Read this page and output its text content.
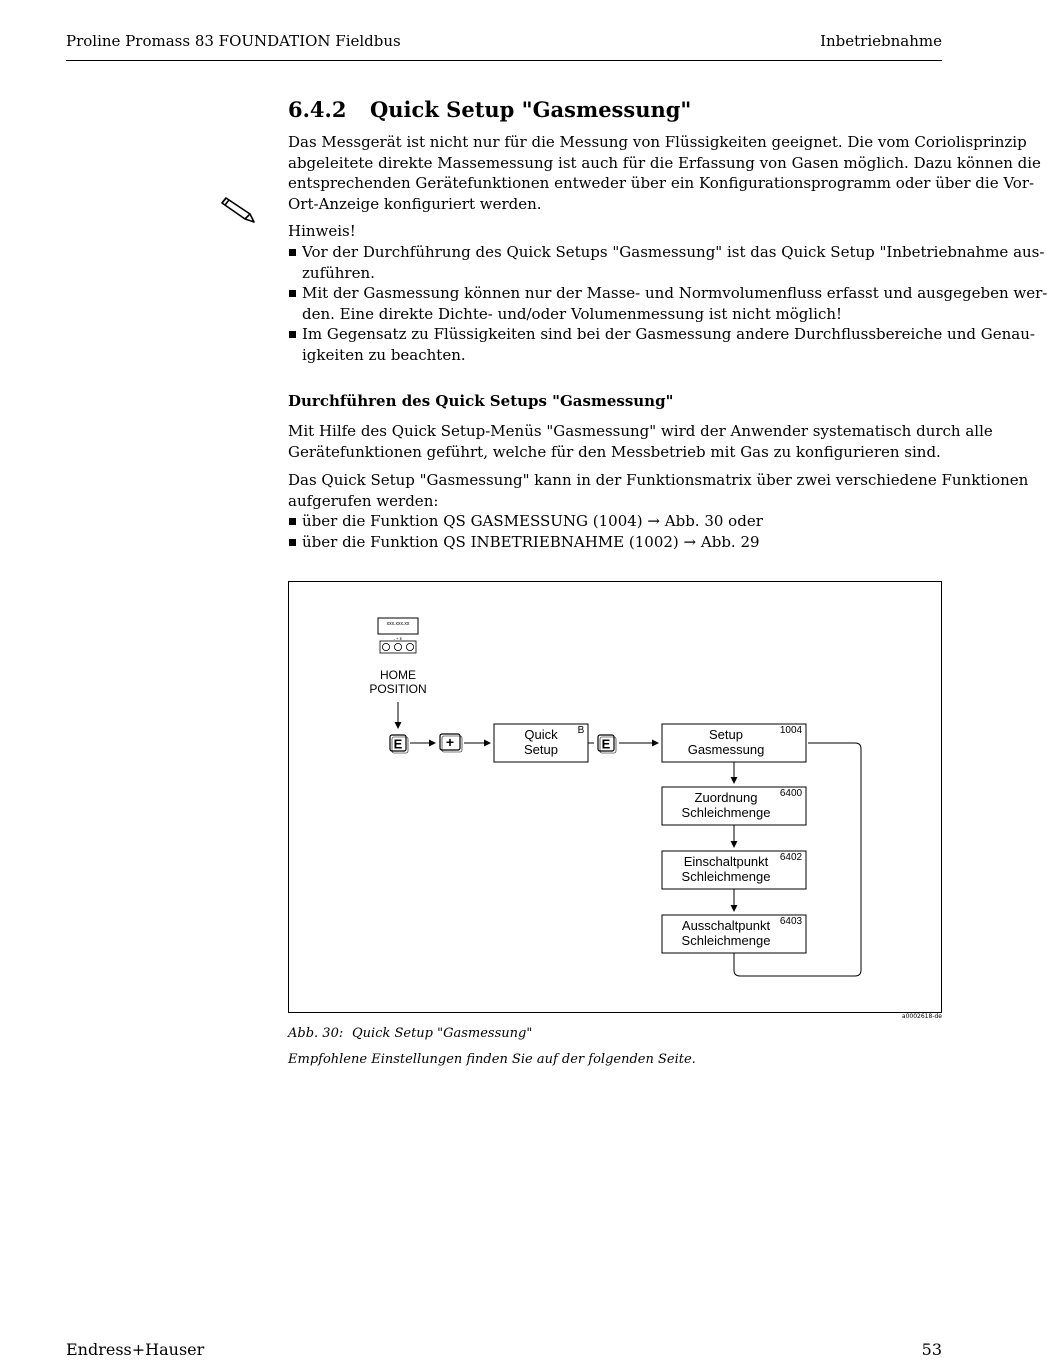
Proline Promass 83 FOUNDATION Fieldbus	Inbetriebnahme
6.4.2 Quick Setup "Gasmessung"
Das Messgerät ist nicht nur für die Messung von Flüssigkeiten geeignet. Die vom Coriolisprinzip
abgeleitete direkte Massemessung ist auch für die Erfassung von Gasen möglich. Dazu können die
entsprechenden Gerätefunktionen entweder über ein Konfigurationsprogramm oder über die Vor-
Ort-Anzeige konfiguriert werden.
Hinweis!
Vor der Durchführung des Quick Setups "Gasmessung" ist das Quick Setup "Inbetriebnahme aus-
zuführen.
Mit der Gasmessung können nur der Masse- und Normvolumenfluss erfasst und ausgegeben wer-
den. Eine direkte Dichte- und/oder Volumenmessung ist nicht möglich!
Im Gegensatz zu Flüssigkeiten sind bei der Gasmessung andere Durchflussbereiche und Genau-
igkeiten zu beachten.
Durchführen des Quick Setups "Gasmessung"
Mit Hilfe des Quick Setup-Menüs "Gasmessung" wird der Anwender systematisch durch alle
Gerätefunktionen geführt, welche für den Messbetrieb mit Gas zu konfigurieren sind.
Das Quick Setup "Gasmessung" kann in der Funktionsmatrix über zwei verschiedene Funktionen
aufgerufen werden:
über die Funktion QS GASMESSUNG (1004) → Abb. 30 oder
über die Funktion QS INBETRIEBNAHME (1002) → Abb. 29
xxx.xxx.xx
- + E
HOME
POSITION
E	+	Quick
Setup
B
E
Setup
Gasmessung
1004
Zuordnung
Schleichmenge
6400
Einschaltpunkt
Schleichmenge
6402
Ausschaltpunkt
Schleichmenge
6403
a0002618-de
Abb. 30: Quick Setup "Gasmessung"
Empfohlene Einstellungen finden Sie auf der folgenden Seite.
Endress+Hauser	53
